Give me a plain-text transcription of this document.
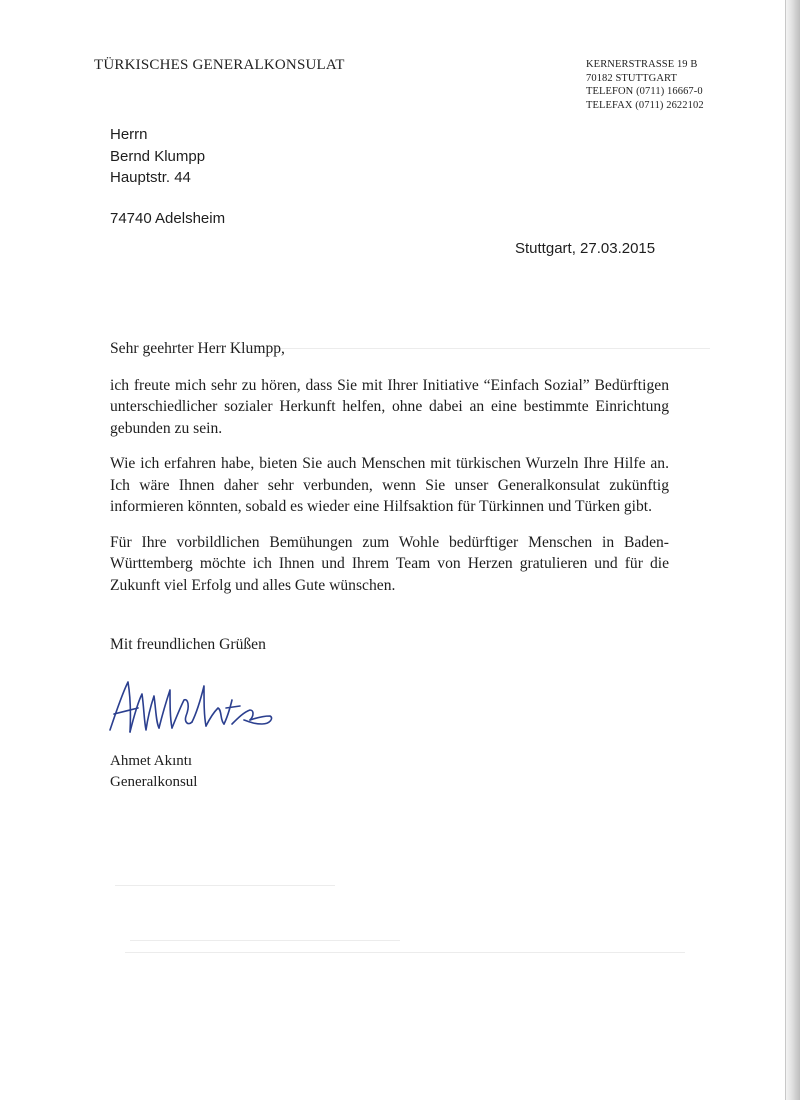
TÜRKISCHES GENERALKONSULAT	KERNERSTRASSE 19 B
70182 STUTTGART
TELEFON (0711) 16667-0
TELEFAX (0711) 2622102
Herrn
Bernd Klumpp
Hauptstr. 44
74740 Adelsheim
Stuttgart, 27.03.2015
Sehr geehrter Herr Klumpp,

ich freute mich sehr zu hören, dass Sie mit Ihrer Initiative “Einfach Sozial” Bedürftigen unterschiedlicher sozialer Herkunft helfen, ohne dabei an eine bestimmte Einrichtung gebunden zu sein.

Wie ich erfahren habe, bieten Sie auch Menschen mit türkischen Wurzeln Ihre Hilfe an. Ich wäre Ihnen daher sehr verbunden, wenn Sie unser Generalkonsulat zukünftig informieren könnten, sobald es wieder eine Hilfsaktion für Türkinnen und Türken gibt.

Für Ihre vorbildlichen Bemühungen zum Wohle bedürftiger Menschen in Baden-Württemberg möchte ich Ihnen und Ihrem Team von Herzen gratulieren und für die Zukunft viel Erfolg und alles Gute wünschen.

Mit freundlichen Grüßen
Ahmet Akıntı
Generalkonsul
